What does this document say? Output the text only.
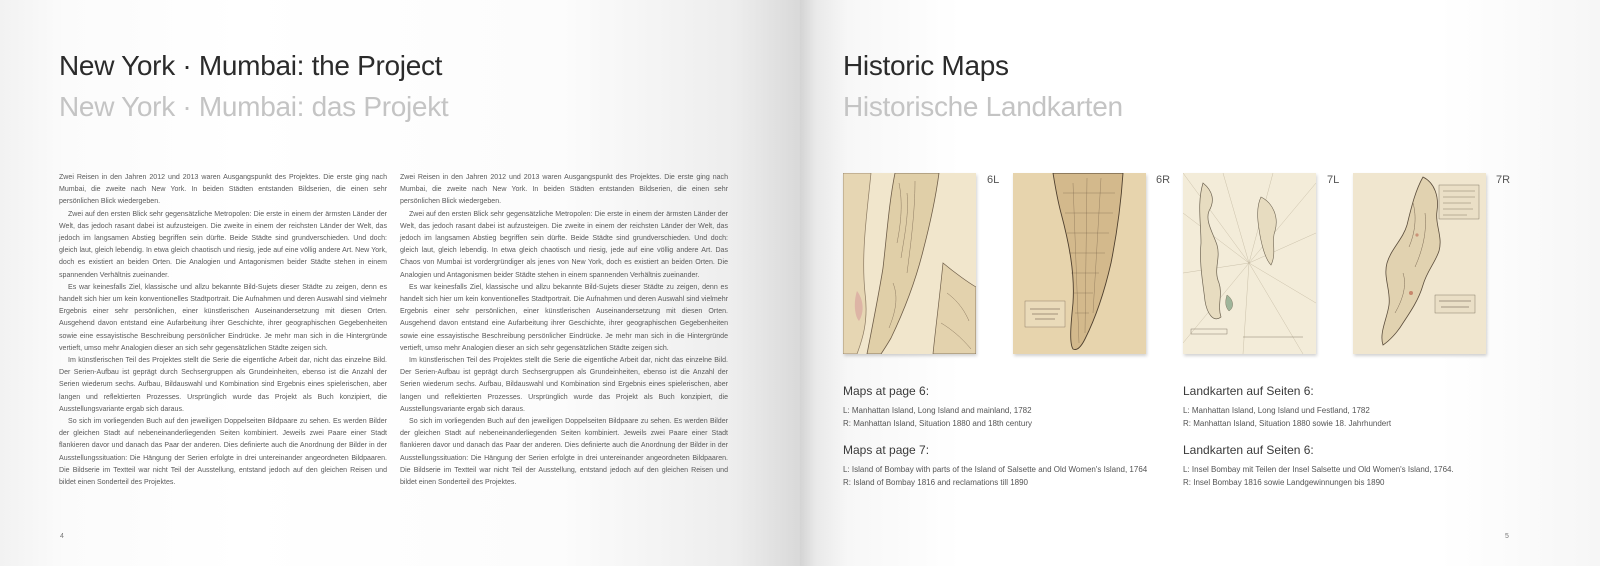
New York · Mumbai: the Project
New York · Mumbai: das Projekt

Zwei Reisen in den Jahren 2012 und 2013 waren Ausgangspunkt des Projektes. Die erste ging nach Mumbai, die zweite nach New York. In beiden Städten entstanden Bildserien, die einen sehr persönlichen Blick wiedergeben.

Zwei auf den ersten Blick sehr gegensätzliche Metropolen: Die erste in einem der ärmsten Länder der Welt, das jedoch rasant dabei ist aufzusteigen. Die zweite in einem der reichsten Länder der Welt, das jedoch im langsamen Abstieg begriffen sein dürfte. Beide Städte sind grundverschieden. Und doch: gleich laut, gleich lebendig. In etwa gleich chaotisch und riesig, jede auf eine völlig andere Art. New York, doch es existiert an beiden Orten. Die Analogien und Antagonismen beider Städte stehen in einem spannenden Verhältnis zueinander.

Es war keinesfalls Ziel, klassische und allzu bekannte Bild-Sujets dieser Städte zu zeigen, denn es handelt sich hier um kein konventionelles Stadtportrait. Die Aufnahmen und deren Auswahl sind vielmehr Ergebnis einer sehr persönlichen, einer künstlerischen Auseinandersetzung mit diesen Orten. Ausgehend davon entstand eine Aufarbeitung ihrer Geschichte, ihrer geographischen Gegebenheiten sowie eine essayistische Beschreibung persönlicher Eindrücke. Je mehr man sich in die Hintergründe vertieft, umso mehr Analogien dieser an sich sehr gegensätzlichen Städte zeigen sich.

Im künstlerischen Teil des Projektes stellt die Serie die eigentliche Arbeit dar, nicht das einzelne Bild. Der Serien-Aufbau ist geprägt durch Sechsergruppen als Grundeinheiten, ebenso ist die Anzahl der Serien wiederum sechs. Aufbau, Bildauswahl und Kombination sind Ergebnis eines spielerischen, aber langen und reflektierten Prozesses. Ursprünglich wurde das Projekt als Buch konzipiert, die Ausstellungsvariante ergab sich daraus.

So sich im vorliegenden Buch auf den jeweiligen Doppelseiten Bildpaare zu sehen. Es werden Bilder der gleichen Stadt auf nebeneinanderliegenden Seiten kombiniert. Jeweils zwei Paare einer Stadt flankieren davor und danach das Paar der anderen. Dies definierte auch die Anordnung der Bilder in der Ausstellungssituation: Die Hängung der Serien erfolgte in drei untereinander angeordneten Bildpaaren. Die Bildserie im Textteil war nicht Teil der Ausstellung, entstand jedoch auf den gleichen Reisen und bildet einen Sonderteil des Projektes.

Zwei Reisen in den Jahren 2012 und 2013 waren Ausgangspunkt des Projektes. Die erste ging nach Mumbai, die zweite nach New York. In beiden Städten entstanden Bildserien, die einen sehr persönlichen Blick wiedergeben.

Zwei auf den ersten Blick sehr gegensätzliche Metropolen: Die erste in einem der ärmsten Länder der Welt, das jedoch rasant dabei ist aufzusteigen. Die zweite in einem der reichsten Länder der Welt, das jedoch im langsamen Abstieg begriffen sein dürfte. Beide Städte sind grundverschieden. Und doch: gleich laut, gleich lebendig. In etwa gleich chaotisch und riesig, jede auf eine völlig andere Art. Das Chaos von Mumbai ist vordergründiger als jenes von New York, doch es existiert an beiden Orten. Die Analogien und Antagonismen beider Städte stehen in einem spannenden Verhältnis zueinander.

Es war keinesfalls Ziel, klassische und allzu bekannte Bild-Sujets dieser Städte zu zeigen, denn es handelt sich hier um kein konventionelles Stadtportrait. Die Aufnahmen und deren Auswahl sind vielmehr Ergebnis einer sehr persönlichen, einer künstlerischen Auseinandersetzung mit diesen Orten. Ausgehend davon entstand eine Aufarbeitung ihrer Geschichte, ihrer geographischen Gegebenheiten sowie eine essayistische Beschreibung persönlicher Eindrücke. Je mehr man sich in die Hintergründe vertieft, umso mehr Analogien dieser an sich sehr gegensätzlichen Städte zeigen sich.

Im künstlerischen Teil des Projektes stellt die Serie die eigentliche Arbeit dar, nicht das einzelne Bild. Der Serien-Aufbau ist geprägt durch Sechsergruppen als Grundeinheiten, ebenso ist die Anzahl der Serien wiederum sechs. Aufbau, Bildauswahl und Kombination sind Ergebnis eines spielerischen, aber langen und reflektierten Prozesses. Ursprünglich wurde das Projekt als Buch konzipiert, die Ausstellungsvariante ergab sich daraus.

So sich im vorliegenden Buch auf den jeweiligen Doppelseiten Bildpaare zu sehen. Es werden Bilder der gleichen Stadt auf nebeneinanderliegenden Seiten kombiniert. Jeweils zwei Paare einer Stadt flankieren davor und danach das Paar der anderen. Dies definierte auch die Anordnung der Bilder in der Ausstellungssituation: Die Hängung der Serien erfolgte in drei untereinander angeordneten Bildpaaren. Die Bildserie im Textteil war nicht Teil der Ausstellung, entstand jedoch auf den gleichen Reisen und bildet einen Sonderteil des Projektes.

4
Historic Maps
Historische Landkarten
6L	6R	7L	7R
Maps at page 6:
L: Manhattan Island, Long Island and mainland, 1782
R: Manhattan Island, Situation 1880 and 18th century
Maps at page 7:
L: Island of Bombay with parts of the Island of Salsette and Old Women's Island, 1764
R: Island of Bombay 1816 and reclamations till 1890
Landkarten auf Seiten 6:
L: Manhattan Island, Long Island und Festland, 1782
R: Manhattan Island, Situation 1880 sowie 18. Jahrhundert
Landkarten auf Seiten 6:
L: Insel Bombay mit Teilen der Insel Salsette und Old Women's Island, 1764.
R: Insel Bombay 1816 sowie Landgewinnungen bis 1890
5
